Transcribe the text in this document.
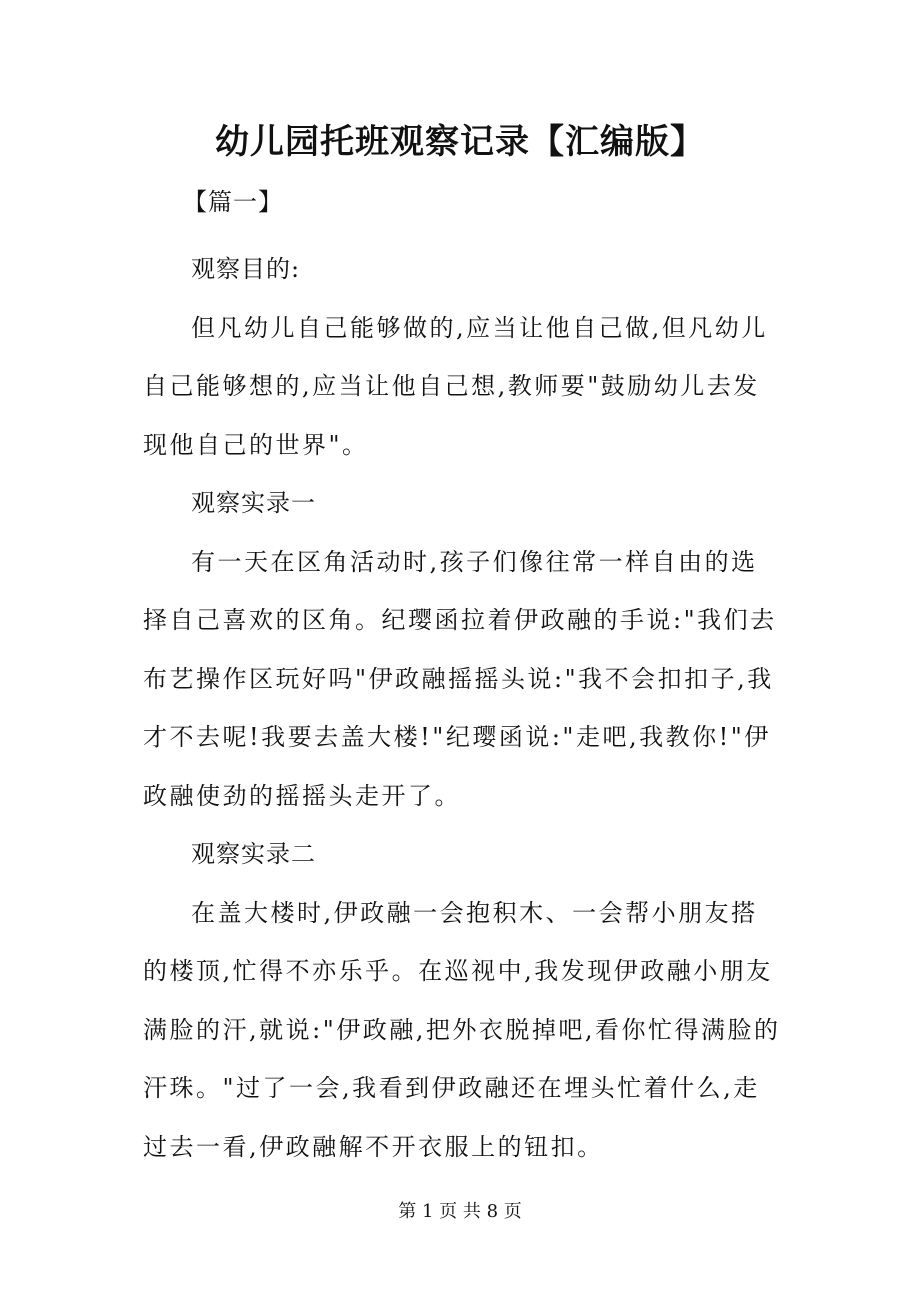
幼儿园托班观察记录【汇编版】
【篇一】

观察目的:

但凡幼儿自己能够做的,应当让他自己做,但凡幼儿自己能够想的,应当让他自己想,教师要"鼓励幼儿去发现他自己的世界"。

观察实录一

有一天在区角活动时,孩子们像往常一样自由的选择自己喜欢的区角。纪璎函拉着伊政融的手说:"我们去布艺操作区玩好吗"伊政融摇摇头说:"我不会扣扣子,我才不去呢!我要去盖大楼!"纪璎函说:"走吧,我教你!"伊政融使劲的摇摇头走开了。

观察实录二

在盖大楼时,伊政融一会抱积木、一会帮小朋友搭的楼顶,忙得不亦乐乎。在巡视中,我发现伊政融小朋友满脸的汗,就说:"伊政融,把外衣脱掉吧,看你忙得满脸的汗珠。"过了一会,我看到伊政融还在埋头忙着什么,走过去一看,伊政融解不开衣服上的钮扣。

第 1 页 共 8 页
